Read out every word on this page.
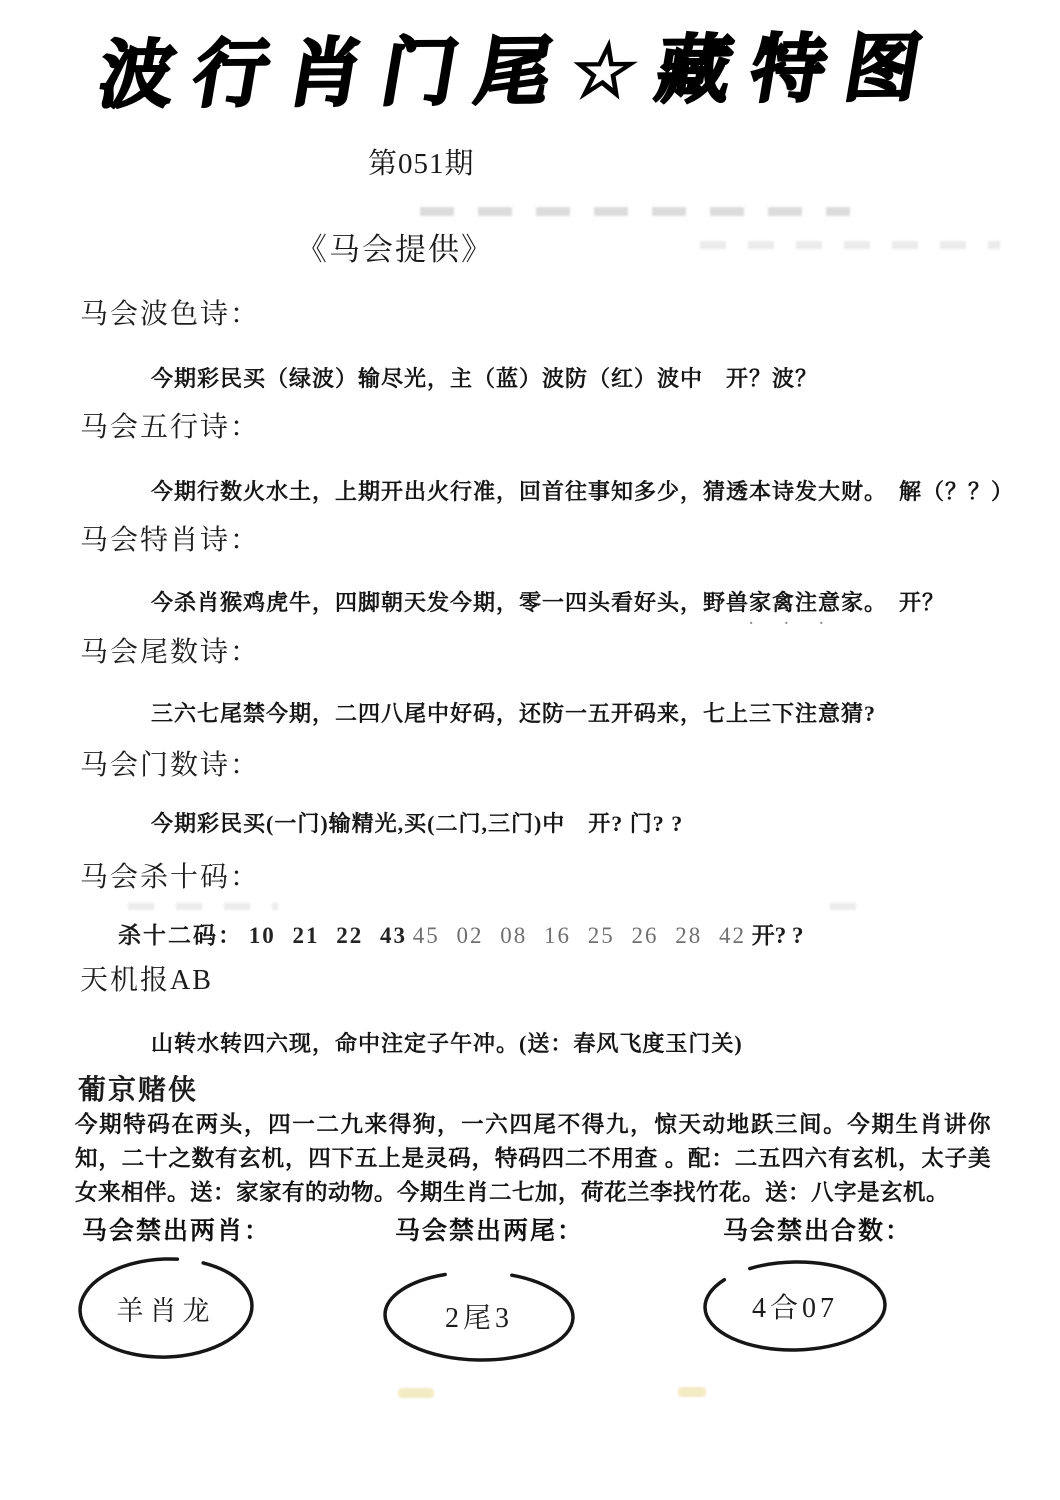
波行肖门尾☆藏特图
第051期
《马会提供》
马会波色诗：
今期彩民买（绿波）输尽光，主（蓝）波防（红）波中　开？波？
马会五行诗：
今期行数火水土，上期开出火行准，回首往事知多少，猜透本诗发大财。　解（？？）
马会特肖诗：
今杀肖猴鸡虎牛，四脚朝天发今期，零一四头看好头，野兽家禽注意家。　开？
· · ·
马会尾数诗：
三六七尾禁今期，二四八尾中好码，还防一五开码来，七上三下注意猜?
马会门数诗：
今期彩民买(一门)输精光,买(二门,三门)中　开? 门? ?
马会杀十码：
杀十二码： 10 21 22 43 45 02 08 16 25 26 28 42 开? ?
天机报AB
山转水转四六现，命中注定子午冲。(送：春风飞度玉门关)
葡京赌侠
今期特码在两头，四一二九来得狗，一六四尾不得九，惊天动地跃三间。今期生肖讲你知，二十之数有玄机，四下五上是灵码，特码四二不用查 。配：二五四六有玄机，太子美女来相伴。送：家家有的动物。今期生肖二七加，荷花兰李找竹花。送：八字是玄机。
马会禁出两肖：	马会禁出两尾：	马会禁出合数：
羊肖龙	2尾3	4合07
